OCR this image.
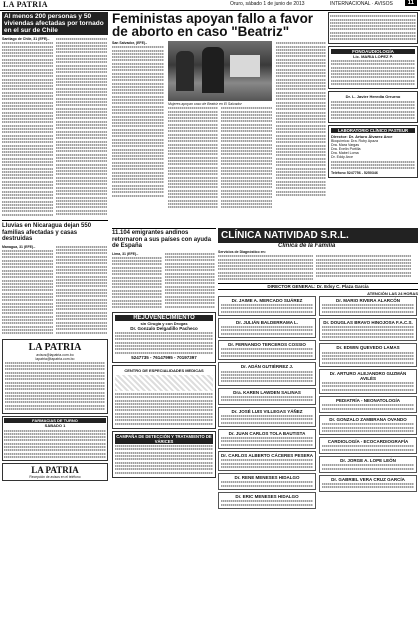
LA PATRIA	Oruro, sábado 1 de junio de 2013	INTERNACIONAL · AVISOS	11
Al menos 200 personas y 50 viviendas afectadas por tornado en el sur de Chile
Santiago de Chile, 31 (EFE).-
Lluvias en Nicaragua dejan 550 familias afectadas y casas destruidas
Managua, 31 (EFE).-
LA PATRIA
avisos@lapatria.com.bo
lapatria@lapatria.com.bo
FARMACIAS DE TURNO
SÁBADO 1
LA PATRIA
Recepción de avisos en el teléfono
Feministas apoyan fallo a favor de aborto en caso "Beatriz"
San Salvador, (EFE).-
Mujeres apoyan caso de Beatriz en El Salvador
11.104 emigrantes andinos retornaron a sus países con ayuda de España
Lima, 31 (EFE).-
REJUVENECIMIENTO
sin Cirugía y con Drogas
Dr. Gonzalo Delgadillo Pacheco
5247735 - 76147995 - 70197397
CENTRO DE ESPECIALIDADES MEDICAS
CAMPAÑA DE DETECCIÓN Y TRATAMIENTO DE VÁRICES
CLÍNICA NATIVIDAD S.R.L.
Clínica de la Familia
Servicios de Diagnóstico en:
DIRECTOR GENERAL: Dr. Edsy C. Plaza García
ATENCIÓN LAS 24 HORAS
Dr. JAIME A. MERCADO SUÁREZ
Dr. JULIÁN BALDERRAMA L.
Dr. FERNANDO TERCEROS COSSIO
Dr. ADÁN GUTIÉRREZ J.
Dra. KAREN LAWDEN SALINAS
Dr. JOSÉ LUIS VILLEGAS YÁÑEZ
Dr. JUAN CARLOS TOLA BAUTISTA
Dr. CARLOS ALBERTO CÁCERES PESERA
Dr. RENE MENESES HIDALGO
Dr. ERIC MENESES HIDALGO
Dr. MARIO RIVERA ALARCÓN
Dr. DOUGLAS BRAVO HINOJOSA F.A.C.S.
Dr. EDWIN QUEVEDO LAMAS
Dr. ARTURO ALEJANDRO GUZMÁN AVILÉS
PEDIATRÍA - NEONATOLOGÍA
Dr. GONZALO ZAMBRANA OVANDO
CARDIOLOGÍA - ECOCARDIOGRAFÍA
Dr. JORGE A. LOPE LEÓN
Dr. GABRIEL VERA CRUZ GARCÍA
FONOAUDIOLOGÍA
Lic. MARIA LOPEZ P.
Dr. L. Javier Heredia Orrurno
LABORATORIO CLÍNICO PASTEUR
Director: Dr. Arturo Álvarez Arce
Bioquímica: Dra. Ruby Apaza
Dra. Mara Vargas
Dra. Evelin Portilla
Dra. Mabel Loma
Dr. Eddy Arce
Teléfono 5247756 - 5250346
